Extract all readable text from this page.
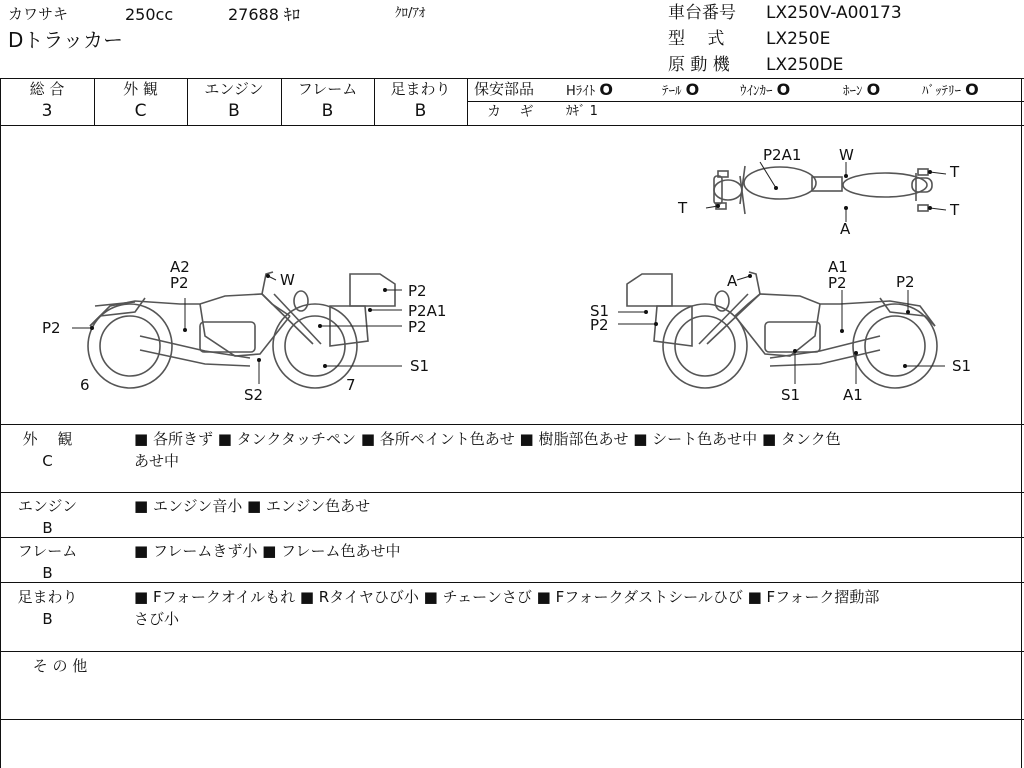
カワサキ	250cc	27688 ｷﾛ	ｸﾛ/ｱｵ
Dトラッカー
車台番号 LX250V-A00173
型　 式 LX250E
原 動 機 LX250DE
総 合
3
外 観
C
エンジン
B
フレーム
B
足まわり
B
保安部品 Hﾗｲﾄ O	ﾃｰﾙ O	ｳｲﾝｶｰ O	ﾎｰﾝ O	ﾊﾞｯﾃﾘｰ O
カ　 ギ	ｶｷﾞ 1
P2A1	W
T
T	T
A
A2
P2	W
P2
P2A1
P2
P2
S1
6
S2
7
A
A1
P2	P2
S1
P2
S1
S1	A1
外　 観
C
■ 各所きず ■ タンクタッチペン ■ 各所ペイント色あせ ■ 樹脂部色あせ ■ シート色あせ中 ■ タンク色
あせ中
エンジン
B
■ エンジン音小 ■ エンジン色あせ
フレーム
B
■ フレームきず小 ■ フレーム色あせ中
足まわり
B
■ Fフォークオイルもれ ■ Rタイヤひび小 ■ チェーンさび ■ Fフォークダストシールひび ■ Fフォーク摺動部
さび小
そ の 他
